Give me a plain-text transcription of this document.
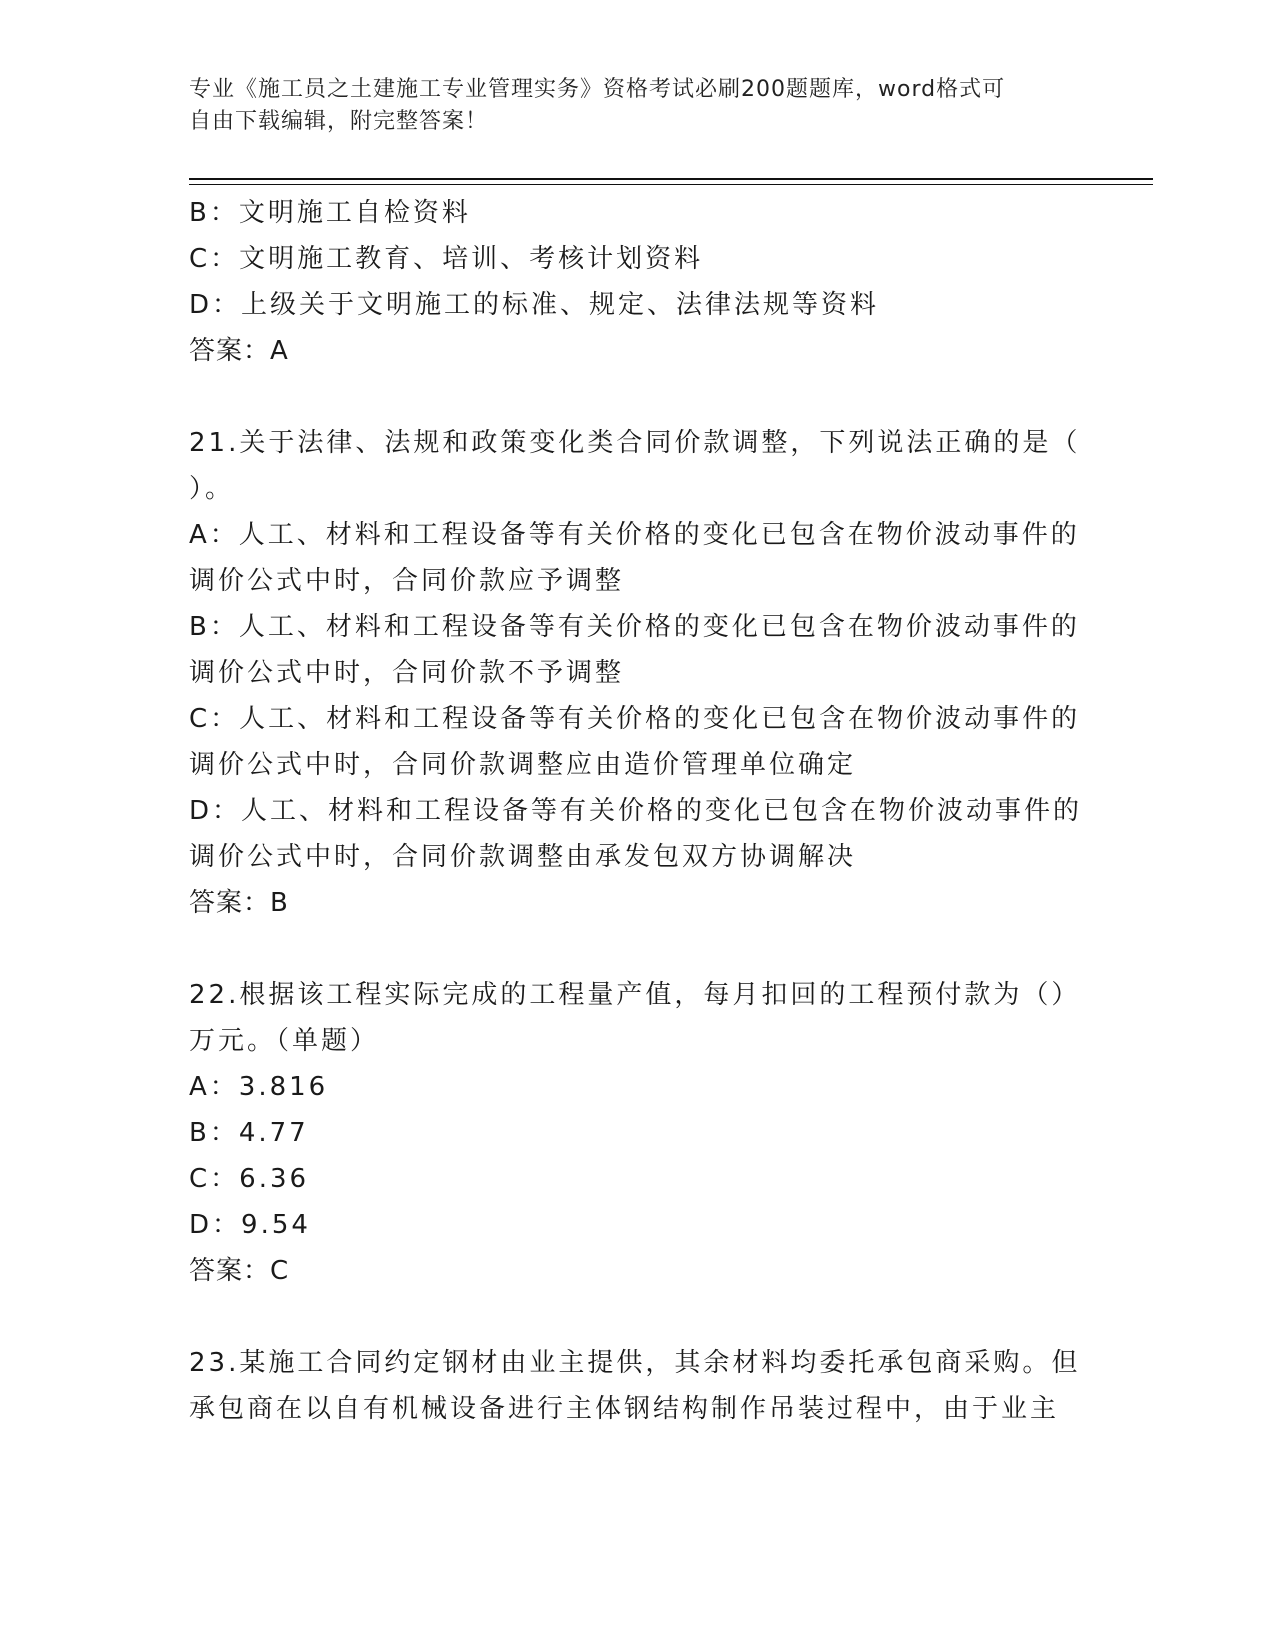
专业《施工员之土建施工专业管理实务》资格考试必刷200题题库，word格式可
自由下载编辑，附完整答案！
B：文明施工自检资料
C：文明施工教育、培训、考核计划资料
D：上级关于文明施工的标准、规定、法律法规等资料
答案：A
21.关于法律、法规和政策变化类合同价款调整，下列说法正确的是（
）。
A：人工、材料和工程设备等有关价格的变化已包含在物价波动事件的
调价公式中时，合同价款应予调整
B：人工、材料和工程设备等有关价格的变化已包含在物价波动事件的
调价公式中时，合同价款不予调整
C：人工、材料和工程设备等有关价格的变化已包含在物价波动事件的
调价公式中时，合同价款调整应由造价管理单位确定
D：人工、材料和工程设备等有关价格的变化已包含在物价波动事件的
调价公式中时，合同价款调整由承发包双方协调解决
答案：B
22.根据该工程实际完成的工程量产值，每月扣回的工程预付款为（）
万元。（单题）
A：3.816
B：4.77
C：6.36
D：9.54
答案：C
23.某施工合同约定钢材由业主提供，其余材料均委托承包商采购。但
承包商在以自有机械设备进行主体钢结构制作吊装过程中，由于业主
